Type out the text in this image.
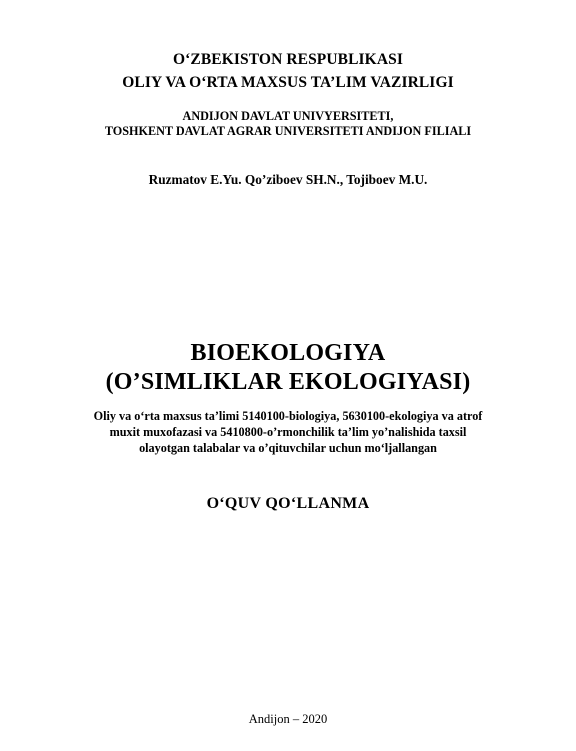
O‘ZBEKISTON RESPUBLIKASI
OLIY VA O‘RTA MAXSUS TA’LIM VAZIRLIGI
ANDIJON DAVLAT UNIVYERSITETI,
TOSHKENT DAVLAT AGRAR UNIVERSITETI ANDIJON FILIALI
Ruzmatov E.Yu. Qo’ziboev SH.N., Tojiboev M.U.
BIOEKOLOGIYA
(O’SIMLIKLAR EKOLOGIYASI)
Oliy va o‘rta maxsus ta’limi 5140100-biologiya, 5630100-ekologiya va atrof
muxit muxofazasi va 5410800-o’rmonchilik ta’lim yo’nalishida taxsil
olayotgan talabalar va o’qituvchilar uchun mo‘ljallangan
O‘QUV QO‘LLANMA
Andijon – 2020
